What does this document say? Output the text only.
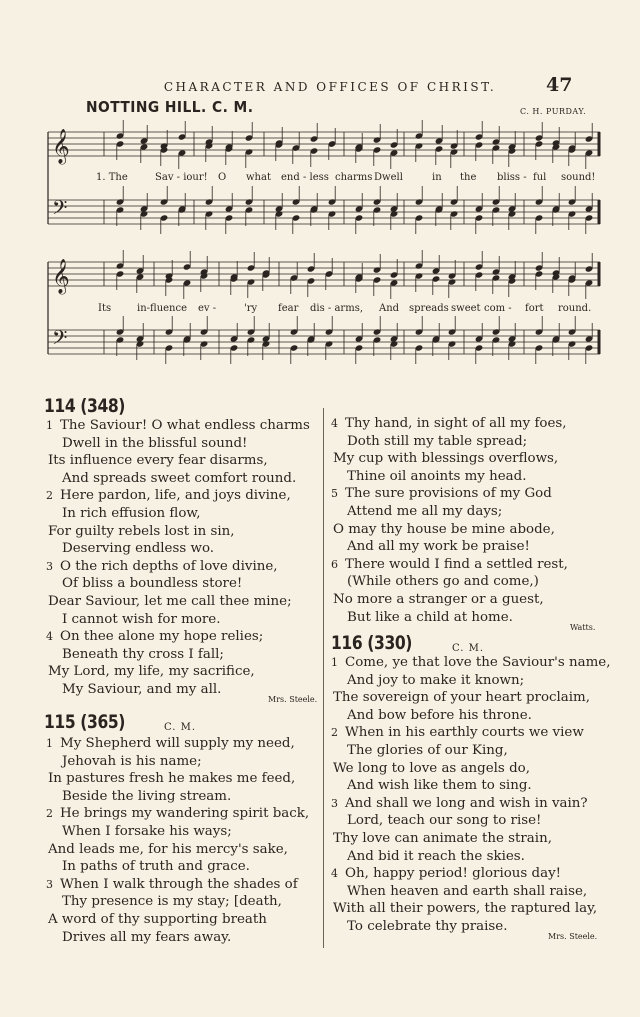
CHARACTER AND OFFICES OF CHRIST.	47
NOTTING HILL. C. M.	C. H. PURDAY.
𝄞
𝄢
𝄞
𝄢
1. The	Sav - iour! O what end - less charms Dwell	in the bliss - ful sound!
Its	in-fluence ev -	'ry fear dis - arms, And spreads sweet com - fort round.
114 (348)
1 The Saviour! O what endless charms
Dwell in the blissful sound!
Its influence every fear disarms,
And spreads sweet comfort round.
2 Here pardon, life, and joys divine,
In rich effusion flow,
For guilty rebels lost in sin,
Deserving endless wo.
3 O the rich depths of love divine,
Of bliss a boundless store!
Dear Saviour, let me call thee mine;
I cannot wish for more.
4 On thee alone my hope relies;
Beneath thy cross I fall;
My Lord, my life, my sacrifice,
My Saviour, and my all.
Mrs. Steele.
115 (365)	C. M.
1 My Shepherd will supply my need,
Jehovah is his name;
In pastures fresh he makes me feed,
Beside the living stream.
2 He brings my wandering spirit back,
When I forsake his ways;
And leads me, for his mercy's sake,
In paths of truth and grace.
3 When I walk through the shades of
Thy presence is my stay; [death,
A word of thy supporting breath
Drives all my fears away.
4 Thy hand, in sight of all my foes,
Doth still my table spread;
My cup with blessings overflows,
Thine oil anoints my head.
5 The sure provisions of my God
Attend me all my days;
O may thy house be mine abode,
And all my work be praise!
6 There would I find a settled rest,
(While others go and come,)
No more a stranger or a guest,
But like a child at home.
Watts.
116 (330)	C. M.
1 Come, ye that love the Saviour's name,
And joy to make it known;
The sovereign of your heart proclaim,
And bow before his throne.
2 When in his earthly courts we view
The glories of our King,
We long to love as angels do,
And wish like them to sing.
3 And shall we long and wish in vain?
Lord, teach our song to rise!
Thy love can animate the strain,
And bid it reach the skies.
4 Oh, happy period! glorious day!
When heaven and earth shall raise,
With all their powers, the raptured lay,
To celebrate thy praise.
Mrs. Steele.
